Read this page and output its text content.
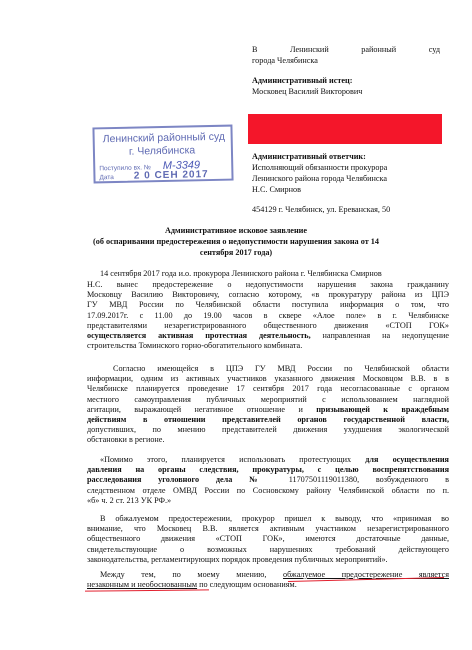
В Ленинский районный суд
города Челябинска
Административный истец:
Московец Василий Викторович
Административный ответчик:
Исполняющий обязанности прокурора
Ленинского района города Челябинска
Н.С. Смирнов
454129 г. Челябинск, ул. Ереванская, 50
Ленинский районный суд
г. Челябинска
Поступило вх. № М-3349
Дата 2 0 СЕН 2017
Административное исковое заявление
(об оспаривании предостережения о недопустимости нарушения закона от 14
сентября 2017 года)
14 сентября 2017 года и.о. прокурора Ленинского района г. Челябинска Смирнов
Н.С. вынес предостережение о недопустимости нарушения закона гражданину
Московцу Василию Викторовичу, согласно которому, «в прокуратуру района из ЦПЭ
ГУ МВД России по Челябинской области поступила информация о том, что
17.09.2017г. с 11.00 до 19.00 часов в сквере «Алое поле» в г. Челябинске
представителями незарегистрированного общественного движения «СТОП ГОК»
осуществляется активная протестная деятельность, направленная на недопущение
строительства Томинского горно-обогатительного комбината.
Согласно имеющейся в ЦПЭ ГУ МВД России по Челябинской области
информации, одним из активных участников указанного движения Московцом В.В. в в
Челябинске планируется проведение 17 сентября 2017 года несогласованные с органом
местного самоуправления публичных мероприятий с использованием наглядной
агитации, выражающей негативное отношение и призывающей к враждебным
действиям в отношении представителей органов государственной власти,
допустивших, по мнению представителей движения ухудшения экологической
обстановки в регионе.
«Помимо этого, планируется использовать протестующих для осуществления
давления на органы следствия, прокуратуры, с целью воспрепятствования
расследования уголовного дела № 11707501119011380, возбужденного в
следственном отделе ОМВД России по Сосновскому району Челябинской области по п.
«б» ч. 2 ст. 213 УК РФ.»
В обжалуемом предостережении, прокурор пришел к выводу, что «принимая во
внимание, что Московец В.В. является активным участником незарегистрированного
общественного движения «СТОП ГОК», имеются достаточные данные,
свидетельствующие о возможных нарушениях требований действующего
законодательства, регламентирующих порядок проведения публичных мероприятий».
Между тем, по моему мнению, обжалуемое предостережение является
незаконным и необоснованным по следующим основаниям.
